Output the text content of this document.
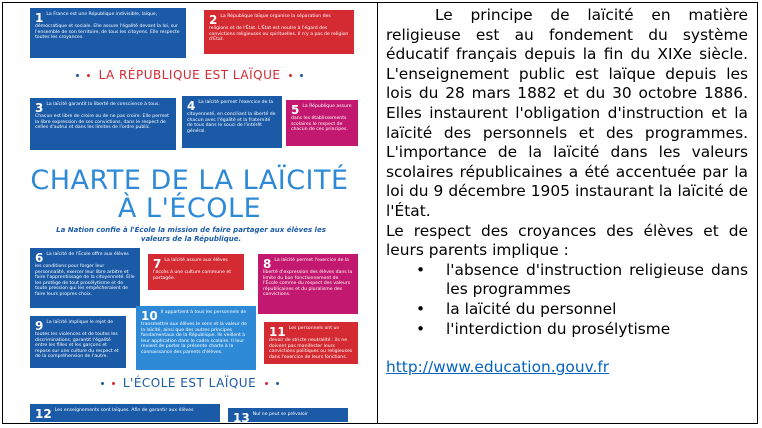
1 La France est une République indivisible, laïque, démocratique et sociale. Elle assure l'égalité devant la loi, sur l'ensemble de son territoire, de tous les citoyens. Elle respecte toutes les croyances.
2 La République laïque organise la séparation des religions et de l'État. L'État est neutre à l'égard des convictions religieuses ou spirituelles. Il n'y a pas de religion d'État.
LA RÉPUBLIQUE EST LAÏQUE
3 La laïcité garantit la liberté de conscience à tous. Chacun est libre de croire ou de ne pas croire. Elle permet la libre expression de ses convictions, dans le respect de celles d'autrui et dans les limites de l'ordre public.
4 La laïcité permet l'exercice de la citoyenneté, en conciliant la liberté de chacun avec l'égalité et la fraternité de tous dans le souci de l'intérêt général.
5 La République assure dans les établissements scolaires le respect de chacun de ces principes.
CHARTE DE LA LAÏCITÉ
À L'ÉCOLE
La Nation confie à l'École la mission de faire partager aux élèves les valeurs de la République.
6 La laïcité de l'École offre aux élèves les conditions pour forger leur personnalité, exercer leur libre arbitre et faire l'apprentissage de la citoyenneté. Elle les protège de tout prosélytisme et de toute pression qui les empêcheraient de faire leurs propres choix.
7 La laïcité assure aux élèves l'accès à une culture commune et partagée.
8 La laïcité permet l'exercice de la liberté d'expression des élèves dans la limite du bon fonctionnement de l'École comme du respect des valeurs républicaines et du pluralisme des convictions.
9 La laïcité implique le rejet de toutes les violences et de toutes les discriminations, garantit l'égalité entre les filles et les garçons et repose sur une culture du respect et de la compréhension de l'autre.
10 Il appartient à tous les personnels de transmettre aux élèves le sens et la valeur de la laïcité, ainsi que des autres principes fondamentaux de la République. Ils veillent à leur application dans le cadre scolaire. Il leur revient de porter la présente charte à la connaissance des parents d'élèves.
11 Les personnels ont un devoir de stricte neutralité : ils ne doivent pas manifester leurs convictions politiques ou religieuses dans l'exercice de leurs fonctions.
L'ÉCOLE EST LAÏQUE
12 Les enseignements sont laïques. Afin de garantir aux élèves
13 Nul ne peut se prévaloir

Le principe de laïcité en matière religieuse est au fondement du système éducatif français depuis la fin du XIXe siècle. L'enseignement public est laïque depuis les lois du 28 mars 1882 et du 30 octobre 1886. Elles instaurent l'obligation d'instruction et la laïcité des personnels et des programmes. L'importance de la laïcité dans les valeurs scolaires républicaines a été accentuée par la loi du 9 décembre 1905 instaurant la laïcité de l'État.

Le respect des croyances des élèves et de leurs parents implique :

• l'absence d'instruction religieuse dans les programmes
• la laïcité du personnel
• l'interdiction du prosélytisme
http://www.education.gouv.fr
